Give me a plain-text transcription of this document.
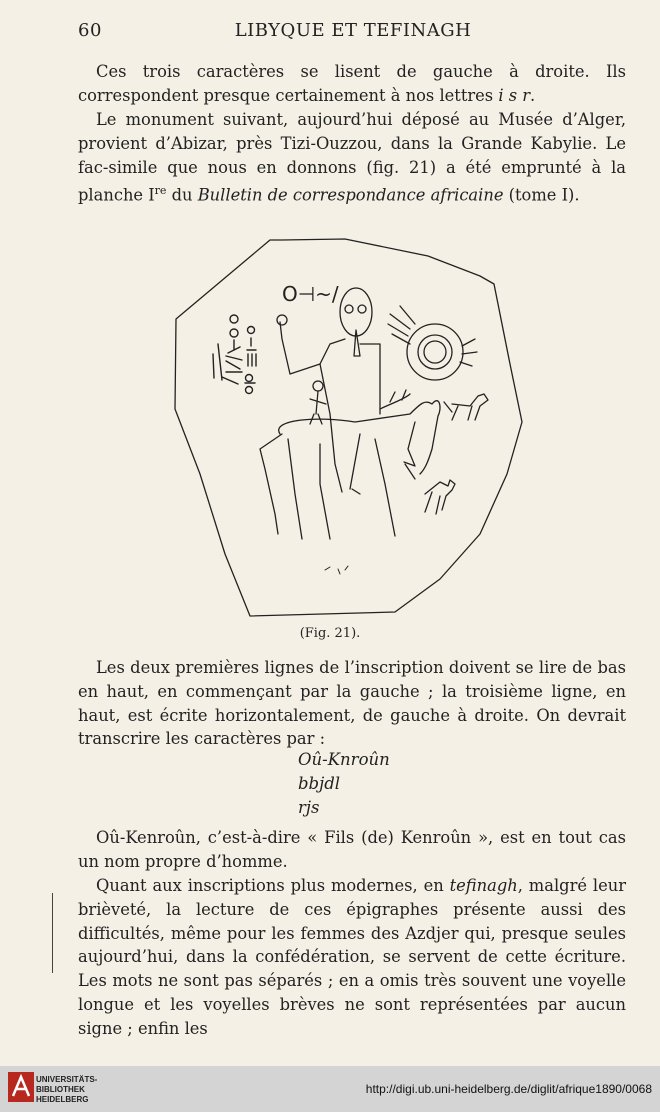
60	LIBYQUE ET TEFINAGH

Ces trois caractères se lisent de gauche à droite. Ils correspondent presque certainement à nos lettres i s r.

Le monument suivant, aujourd’hui déposé au Musée d’Alger, provient d’Abizar, près Tizi-Ouzzou, dans la Grande Kabylie. Le fac-simile que nous en donnons (fig. 21) a été emprunté à la planche Ire du Bulletin de correspondance africaine (tome I).

O⊣~/
(Fig. 21).

Les deux premières lignes de l’inscription doivent se lire de bas en haut, en commençant par la gauche ; la troisième ligne, en haut, est écrite horizontalement, de gauche à droite. On devrait transcrire les caractères par :

Oû-Knroûn
bbjdl
rjs

Oû-Kenroûn, c’est-à-dire « Fils (de) Kenroûn », est en tout cas un nom propre d’homme.

Quant aux inscriptions plus modernes, en tefinagh, malgré leur brièveté, la lecture de ces épigraphes présente aussi des difficultés, même pour les femmes des Azdjer qui, presque seules aujourd’hui, dans la confédération, se servent de cette écriture. Les mots ne sont pas séparés ; en a omis très souvent une voyelle longue et les voyelles brèves ne sont représentées par aucun signe ; enfin les

UNIVERSITÄTS-
BIBLIOTHEK
HEIDELBERG
http://digi.ub.uni-heidelberg.de/diglit/afrique1890/0068
